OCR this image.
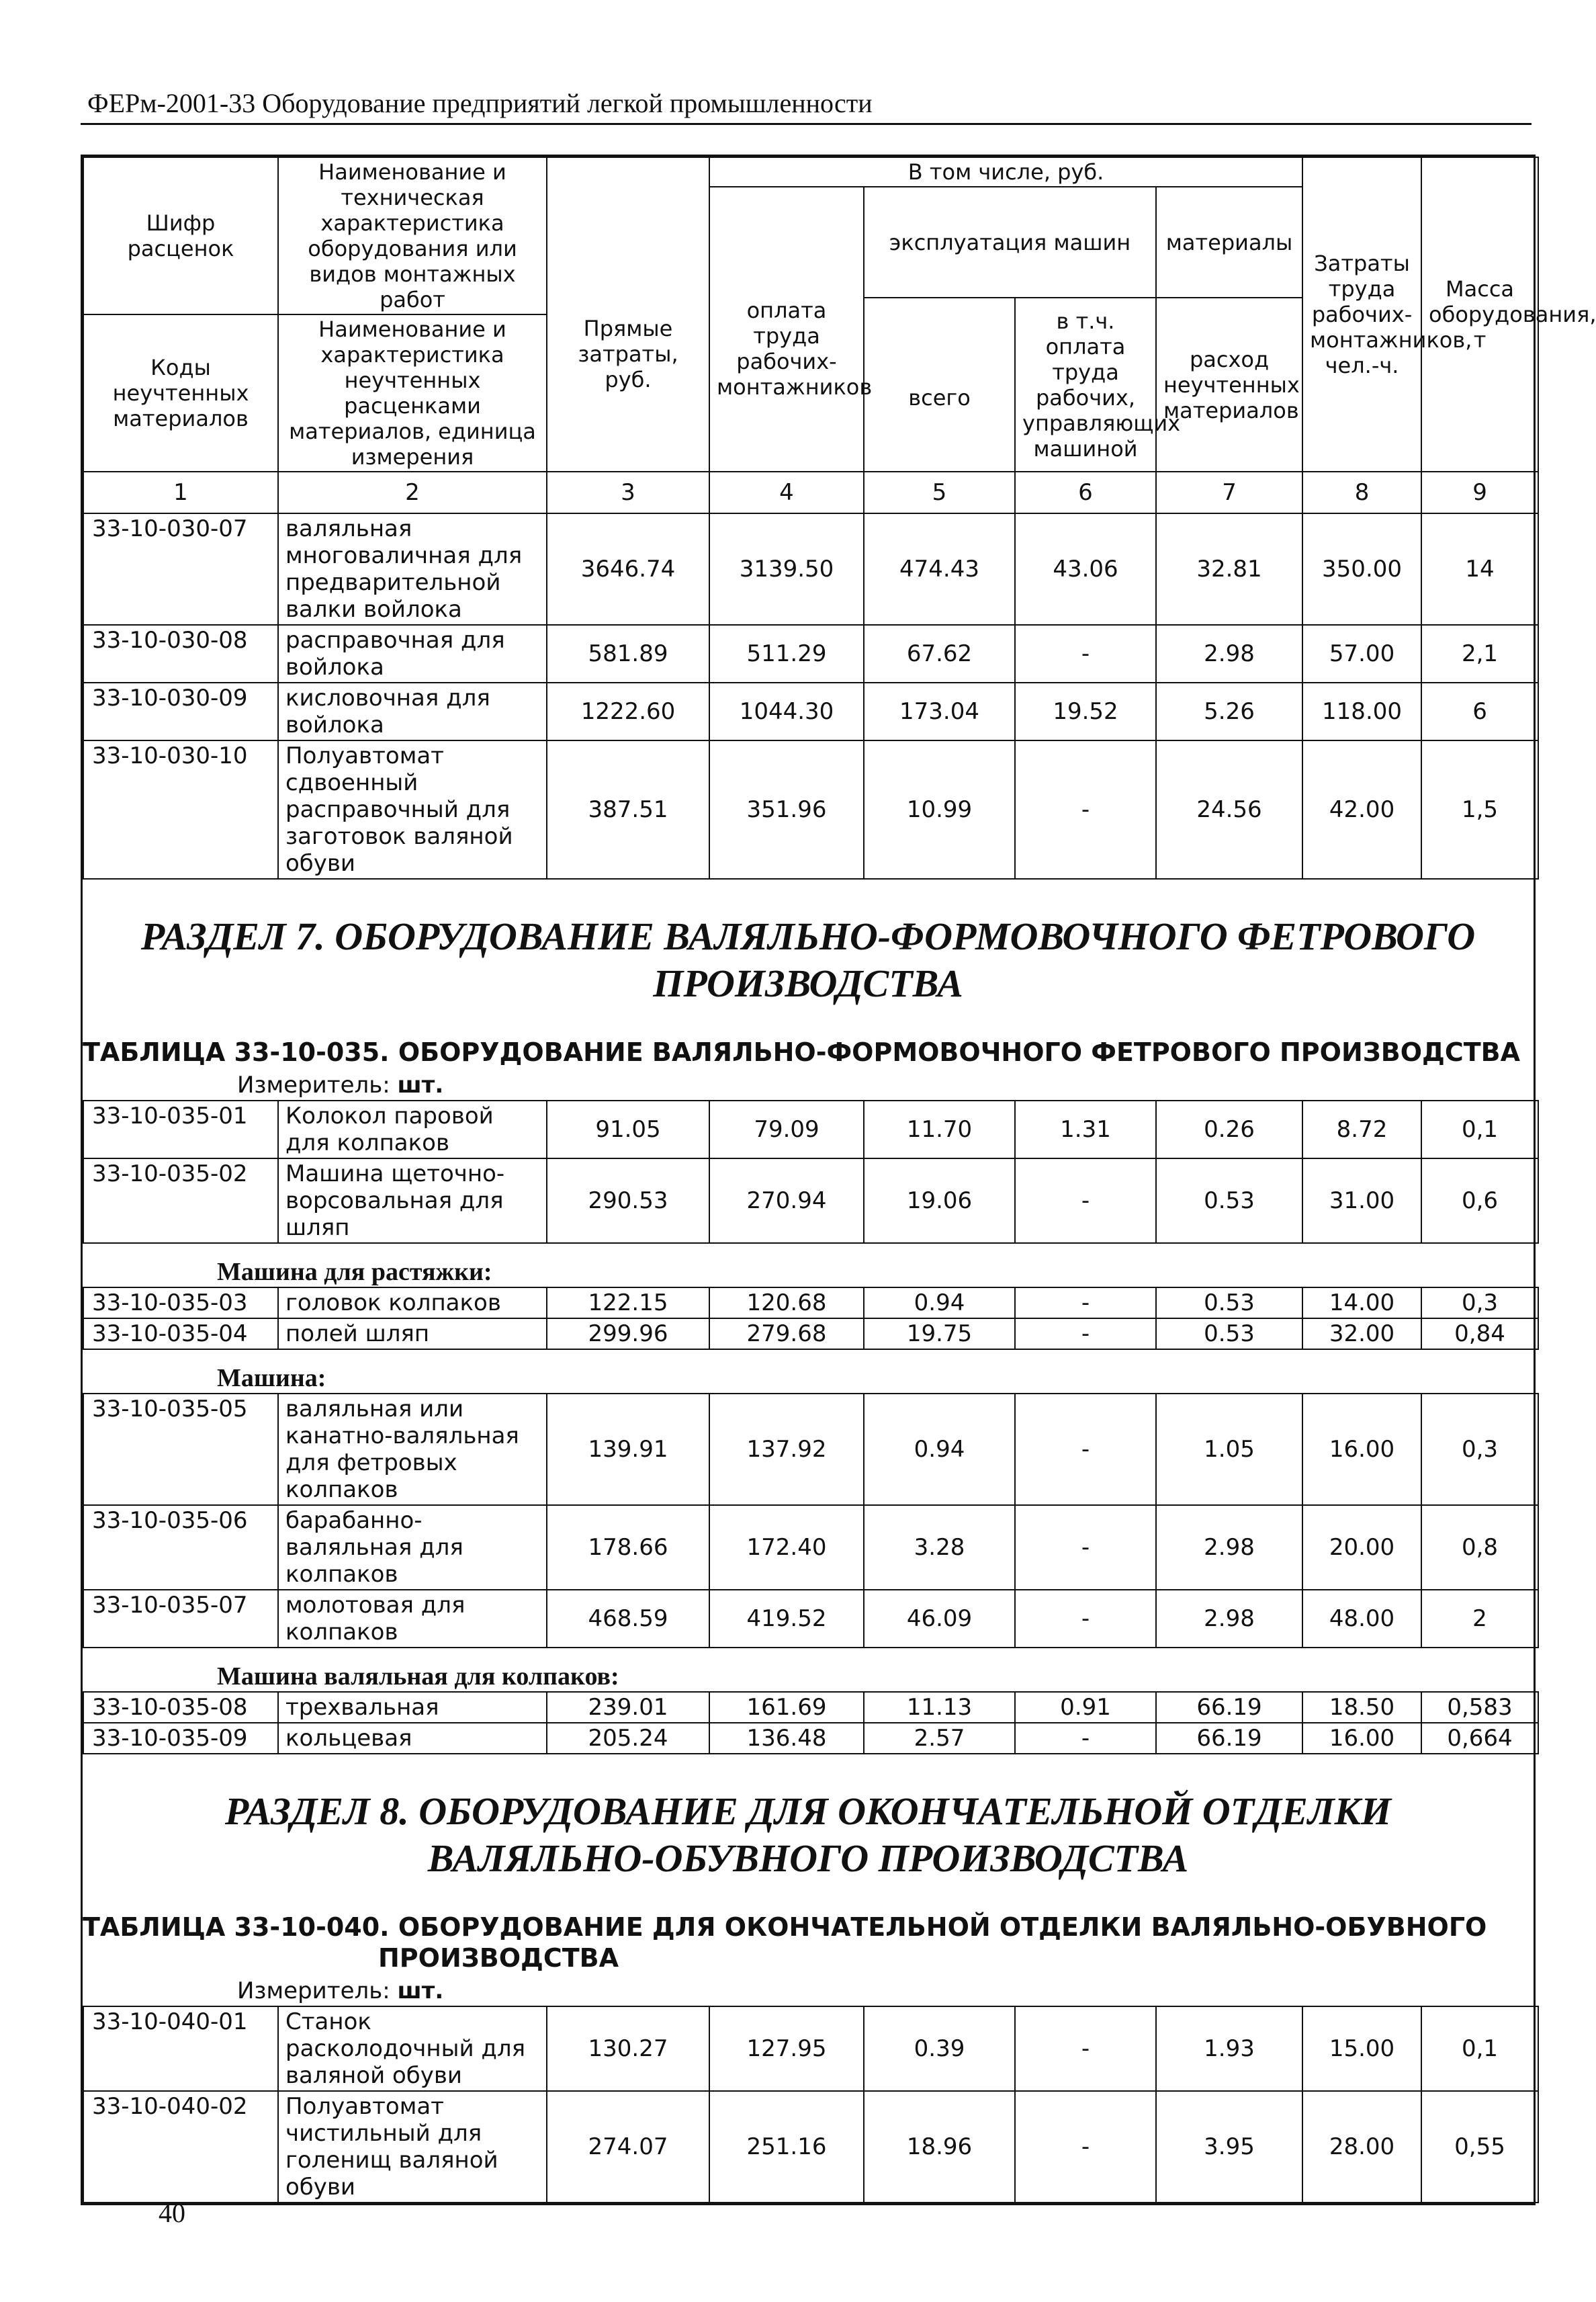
ФЕРм-2001-33 Оборудование предприятий легкой промышленности
Шифр расценок	Наименование и техническая характеристика оборудования или видов монтажных работ	Прямые затраты, руб.	В том числе, руб.				Затраты труда рабочих-монтажников, чел.-ч.	Масса оборудования, т
			оплата труда рабочих-монтажников	эксплуатация машин		материалы		
				всего	в т.ч. оплата труда рабочих, управляющих машиной	расход неучтенных материалов		
Коды неучтенных материалов	Наименование и характеристика неучтенных расценками материалов, единица измерения							

1	2	3	4	5	6	7	8	9
33-10-030-07	валяльная многоваличная для предварительной валки войлока	3646.74	3139.50	474.43	43.06	32.81	350.00	14
33-10-030-08	расправочная для войлока	581.89	511.29	67.62	-	2.98	57.00	2,1
33-10-030-09	кисловочная для войлока	1222.60	1044.30	173.04	19.52	5.26	118.00	6
33-10-030-10	Полуавтомат сдвоенный расправочный для заготовок валяной обуви	387.51	351.96	10.99	-	24.56	42.00	1,5
РАЗДЕЛ 7. ОБОРУДОВАНИЕ ВАЛЯЛЬНО-ФОРМОВОЧНОГО ФЕТРОВОГО ПРОИЗВОДСТВА
ТАБЛИЦА 33-10-035. ОБОРУДОВАНИЕ ВАЛЯЛЬНО-ФОРМОВОЧНОГО ФЕТРОВОГО ПРОИЗВОДСТВА
Измеритель: шт.
33-10-035-01	Колокол паровой для колпаков	91.05	79.09	11.70	1.31	0.26	8.72	0,1
33-10-035-02	Машина щеточно-ворсовальная для шляп	290.53	270.94	19.06	-	0.53	31.00	0,6
Машина для растяжки:
33-10-035-03	головок колпаков	122.15	120.68	0.94	-	0.53	14.00	0,3
33-10-035-04	полей шляп	299.96	279.68	19.75	-	0.53	32.00	0,84
Машина:
33-10-035-05	валяльная или канатно-валяльная для фетровых колпаков	139.91	137.92	0.94	-	1.05	16.00	0,3
33-10-035-06	барабанно-валяльная для колпаков	178.66	172.40	3.28	-	2.98	20.00	0,8
33-10-035-07	молотовая для колпаков	468.59	419.52	46.09	-	2.98	48.00	2
Машина валяльная для колпаков:
33-10-035-08	трехвальная	239.01	161.69	11.13	0.91	66.19	18.50	0,583
33-10-035-09	кольцевая	205.24	136.48	2.57	-	66.19	16.00	0,664
РАЗДЕЛ 8. ОБОРУДОВАНИЕ ДЛЯ ОКОНЧАТЕЛЬНОЙ ОТДЕЛКИ ВАЛЯЛЬНО-ОБУВНОГО ПРОИЗВОДСТВА
ТАБЛИЦА 33-10-040. ОБОРУДОВАНИЕ ДЛЯ ОКОНЧАТЕЛЬНОЙ ОТДЕЛКИ ВАЛЯЛЬНО-ОБУВНОГО
ПРОИЗВОДСТВА
Измеритель: шт.
33-10-040-01	Станок расколодочный для валяной обуви	130.27	127.95	0.39	-	1.93	15.00	0,1
33-10-040-02	Полуавтомат чистильный для голенищ валяной обуви	274.07	251.16	18.96	-	3.95	28.00	0,55
40
